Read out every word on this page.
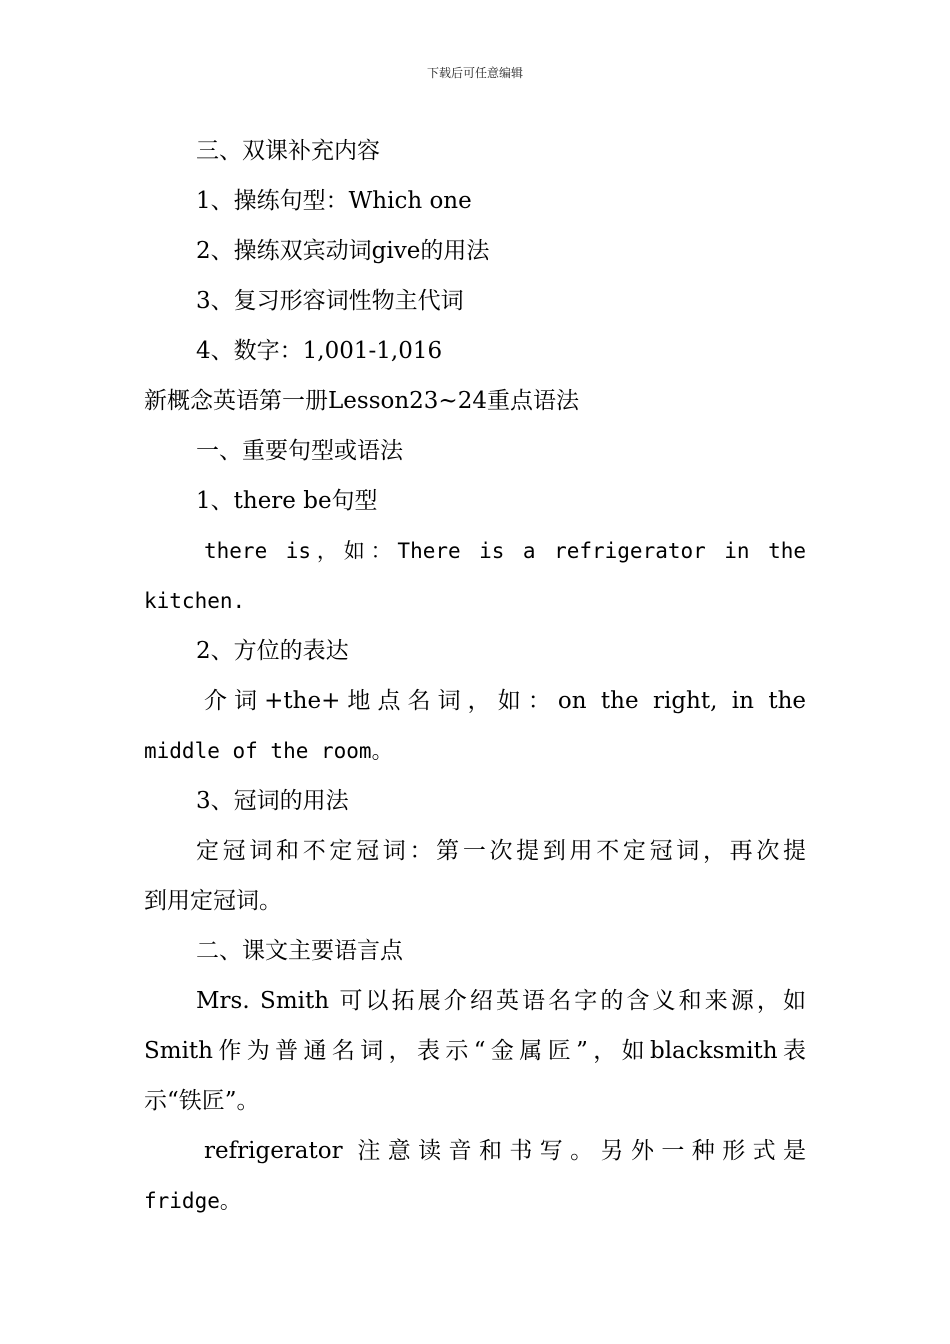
下载后可任意编辑
三、双课补充内容
1、操练句型：Which one
2、操练双宾动词give的用法
3、复习形容词性物主代词
4、数字：1,001-1,016
新概念英语第一册Lesson23~24重点语法
一、重要句型或语法
1、there be句型
there is，如：There is a refrigerator in the
kitchen.
2、方位的表达
介词+the+地点名词，如：on the right, in the
middle of the room。
3、冠词的用法
定冠词和不定冠词：第一次提到用不定冠词，再次提
到用定冠词。
二、课文主要语言点
Mrs. Smith 可以拓展介绍英语名字的含义和来源，如
Smith作为普通名词，表示“金属匠”，如blacksmith表
示“铁匠”。
refrigerator 注意读音和书写。另外一种形式是
fridge。
